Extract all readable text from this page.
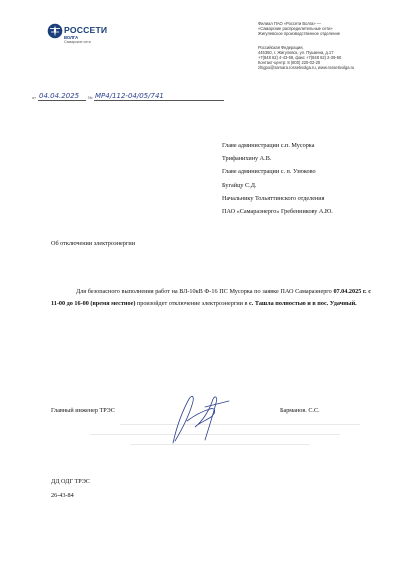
РОССЕТИ
ВОЛГА
Самарские сети
Филиал ПАО «Россети Волга» —
«Самарские распределительные сети»
Жигулевское производственное отделение
Российская Федерация,
445350, г. Жигулевск, ул. Пушкина, д.17
+7(848 62) 4-43-59, факс +7(848 62) 2-39-50
Контакт-центр: 8 (800) 220-02-20
zhigpo@samara.rossetivolga.ru, www.rossetivolga.ru
от 04.04.2025 № МР4/112-04/05/741
Главе администрации с.п. Мусорка
Трифанихину А.В.
Главе администрации с. п. Узюково
Бугайцу С.Д.
Начальнику Тольяттинского отделения
ПАО «Самараэнерго» Гребенникову А.Ю.
Об отключении электроэнергии
Для безопасного выполнения работ на ВЛ-10кВ Ф-16 ПС Мусорка по заявке ПАО Самараэнерго 07.04.2025 г. с 11-00 до 16-00 (время местное) произойдет отключение электроэнергии в с. Ташла полностью и в пос. Удачный.
Главный инженер ТРЭС	Барманов. С.С.
ДД ОДГ ТРЭС
26-43-84
